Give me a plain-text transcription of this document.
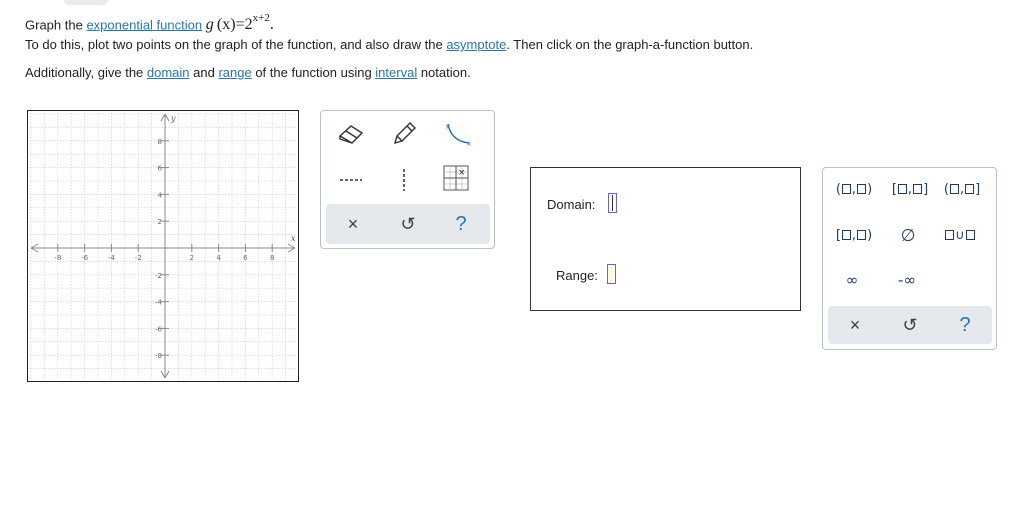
Graph the exponential function g  $(x)=2^{x+2}$.
To do this, plot two points on the graph of the function, and also draw the asymptote. Then click on the graph-a-function button.
Additionally, give the domain and range of the function using interval notation.
-8	-6	-4	-2	2	4	6	8
8
6
4
2
-2
-4
-6
-8
x
y
×
×
×
×	↺	?
Domain:
Range:
( , )	[ , ]	( , ]
[ , )	∅	∪
∞	-∞
×	↺	?
